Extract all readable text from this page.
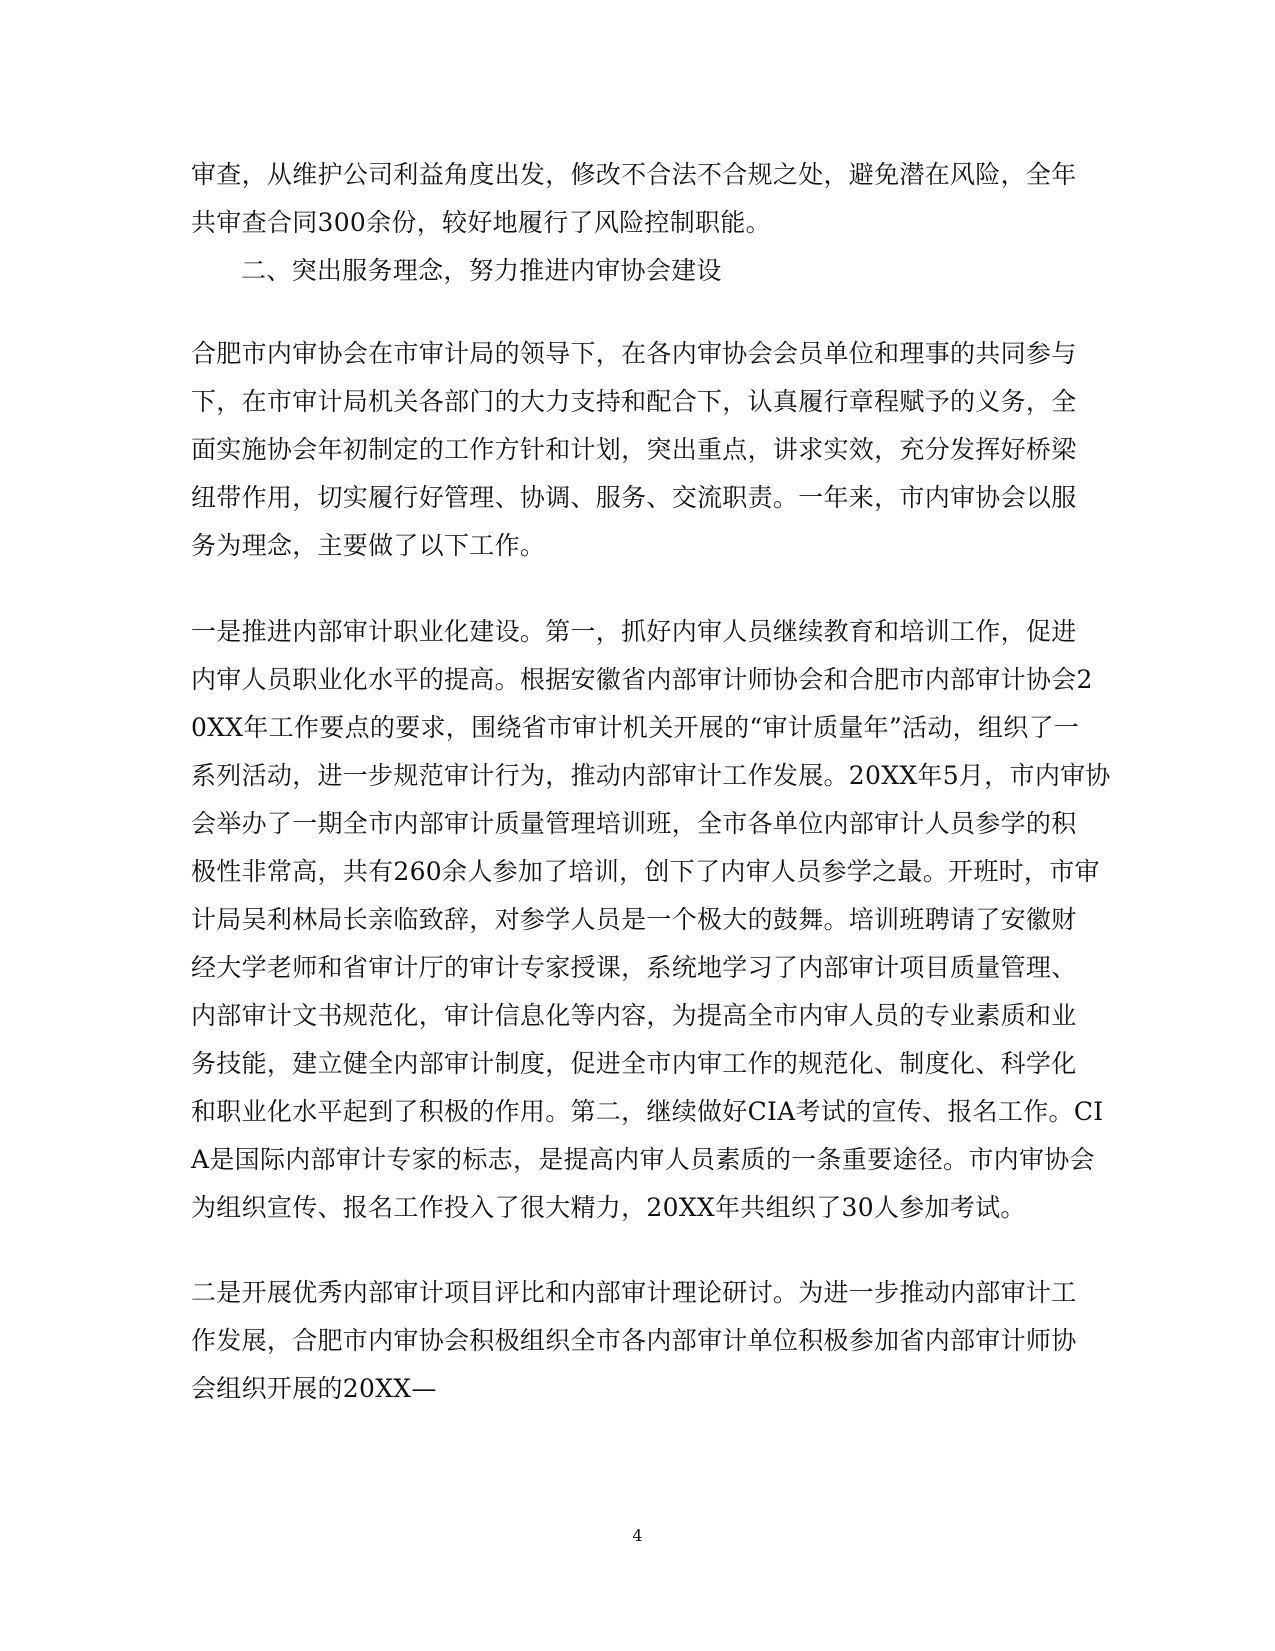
审查，从维护公司利益角度出发，修改不合法不合规之处，避免潜在风险，全年
共审查合同300余份，较好地履行了风险控制职能。
二、突出服务理念，努力推进内审协会建设
合肥市内审协会在市审计局的领导下，在各内审协会会员单位和理事的共同参与
下，在市审计局机关各部门的大力支持和配合下，认真履行章程赋予的义务，全
面实施协会年初制定的工作方针和计划，突出重点，讲求实效，充分发挥好桥梁
纽带作用，切实履行好管理、协调、服务、交流职责。一年来，市内审协会以服
务为理念，主要做了以下工作。
一是推进内部审计职业化建设。第一，抓好内审人员继续教育和培训工作，促进
内审人员职业化水平的提高。根据安徽省内部审计师协会和合肥市内部审计协会2
0XX年工作要点的要求，围绕省市审计机关开展的“审计质量年”活动，组织了一
系列活动，进一步规范审计行为，推动内部审计工作发展。20XX年5月，市内审协
会举办了一期全市内部审计质量管理培训班，全市各单位内部审计人员参学的积
极性非常高，共有260余人参加了培训，创下了内审人员参学之最。开班时，市审
计局吴利林局长亲临致辞，对参学人员是一个极大的鼓舞。培训班聘请了安徽财
经大学老师和省审计厅的审计专家授课，系统地学习了内部审计项目质量管理、
内部审计文书规范化，审计信息化等内容，为提高全市内审人员的专业素质和业
务技能，建立健全内部审计制度，促进全市内审工作的规范化、制度化、科学化
和职业化水平起到了积极的作用。第二，继续做好CIA考试的宣传、报名工作。CI
A是国际内部审计专家的标志，是提高内审人员素质的一条重要途径。市内审协会
为组织宣传、报名工作投入了很大精力，20XX年共组织了30人参加考试。
二是开展优秀内部审计项目评比和内部审计理论研讨。为进一步推动内部审计工
作发展，合肥市内审协会积极组织全市各内部审计单位积极参加省内部审计师协
会组织开展的20XX—
4
